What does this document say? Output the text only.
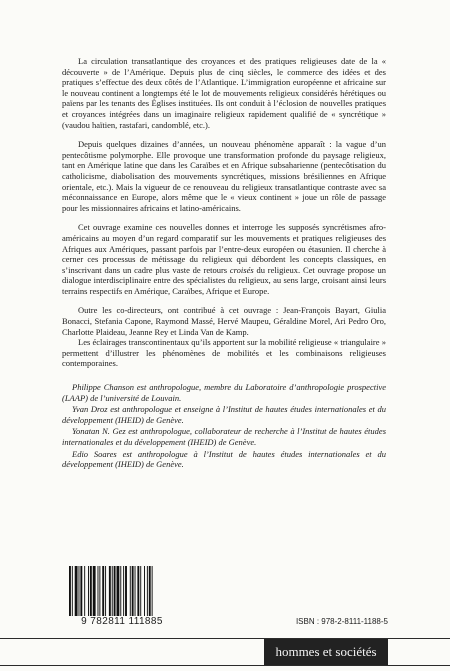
La circulation transatlantique des croyances et des pratiques religieuses date de la « découverte » de l’Amérique. Depuis plus de cinq siècles, le commerce des idées et des pratiques s’effectue des deux côtés de l’Atlantique. L’immigration européenne et africaine sur le nouveau continent a longtemps été le lot de mouvements religieux considérés hérétiques ou païens par les tenants des Églises instituées. Ils ont conduit à l’éclosion de nouvelles pratiques et croyances intégrées dans un imaginaire religieux rapidement qualifié de « syncrétique » (vaudou haïtien, rastafari, candomblé, etc.).

Depuis quelques dizaines d’années, un nouveau phénomène apparaît : la vague d’un pentecôtisme polymorphe. Elle provoque une transformation profonde du paysage religieux, tant en Amérique latine que dans les Caraïbes et en Afrique subsaharienne (pentecôtisation du catholicisme, diabolisation des mouvements syncrétiques, missions brésiliennes en Afrique orientale, etc.). Mais la vigueur de ce renouveau du religieux transatlantique contraste avec sa méconnaissance en Europe, alors même que le « vieux continent » joue un rôle de passage pour les missionnaires africains et latino-américains.

Cet ouvrage examine ces nouvelles donnes et interroge les supposés syncrétismes afro-américains au moyen d’un regard comparatif sur les mouvements et pratiques religieuses des Afriques aux Amériques, passant parfois par l’entre-deux européen ou étasunien. Il cherche à cerner ces processus de métissage du religieux qui débordent les concepts classiques, en s’inscrivant dans un cadre plus vaste de retours croisés du religieux. Cet ouvrage propose un dialogue interdisciplinaire entre des spécialistes du religieux, au sens large, croisant ainsi leurs terrains respectifs en Amérique, Caraïbes, Afrique et Europe.

Outre les co-directeurs, ont contribué à cet ouvrage : Jean-François Bayart, Giulia Bonacci, Stefania Capone, Raymond Massé, Hervé Maupeu, Géraldine Morel, Ari Pedro Oro, Charlotte Plaideau, Jeanne Rey et Linda Van de Kamp.

Les éclairages transcontinentaux qu’ils apportent sur la mobilité religieuse « triangulaire » permettent d’illustrer les phénomènes de mobilités et les combinaisons religieuses contemporaines.

Philippe Chanson est anthropologue, membre du Laboratoire d’anthropologie prospective (LAAP) de l’université de Louvain.

Yvan Droz est anthropologue et enseigne à l’Institut de hautes études internationales et du développement (IHEID) de Genève.

Yonatan N. Gez est anthropologue, collaborateur de recherche à l’Institut de hautes études internationales et du développement (IHEID) de Genève.

Edio Soares est anthropologue à l’Institut de hautes études internationales et du développement (IHEID) de Genève.

9 782811 111885	ISBN : 978-2-8111-1188-5
hommes et sociétés
